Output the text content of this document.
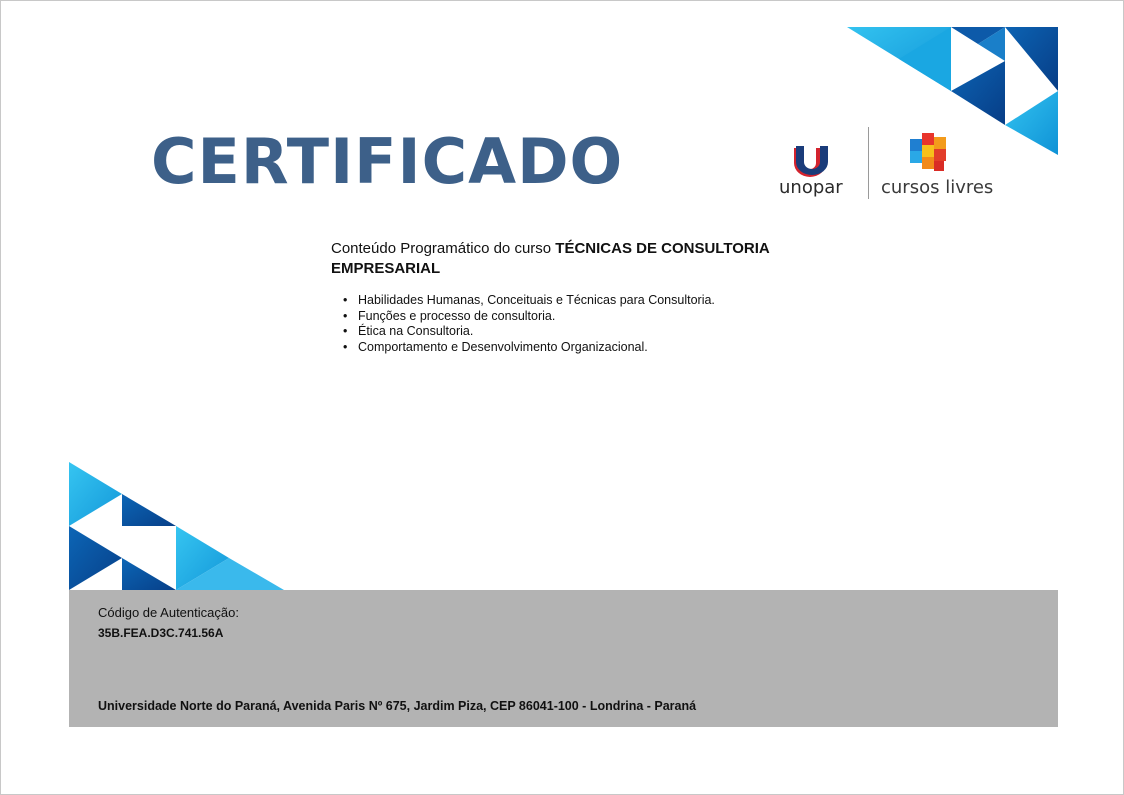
CERTIFICADO	unopar cursos livres
Conteúdo Programático do curso TÉCNICAS DE CONSULTORIA EMPRESARIAL
• Habilidades Humanas, Conceituais e Técnicas para Consultoria.
• Funções e processo de consultoria.
• Ética na Consultoria.
• Comportamento e Desenvolvimento Organizacional.
Código de Autenticação:
35B.FEA.D3C.741.56A
Universidade Norte do Paraná, Avenida Paris Nº 675, Jardim Piza, CEP 86041-100 - Londrina - Paraná
